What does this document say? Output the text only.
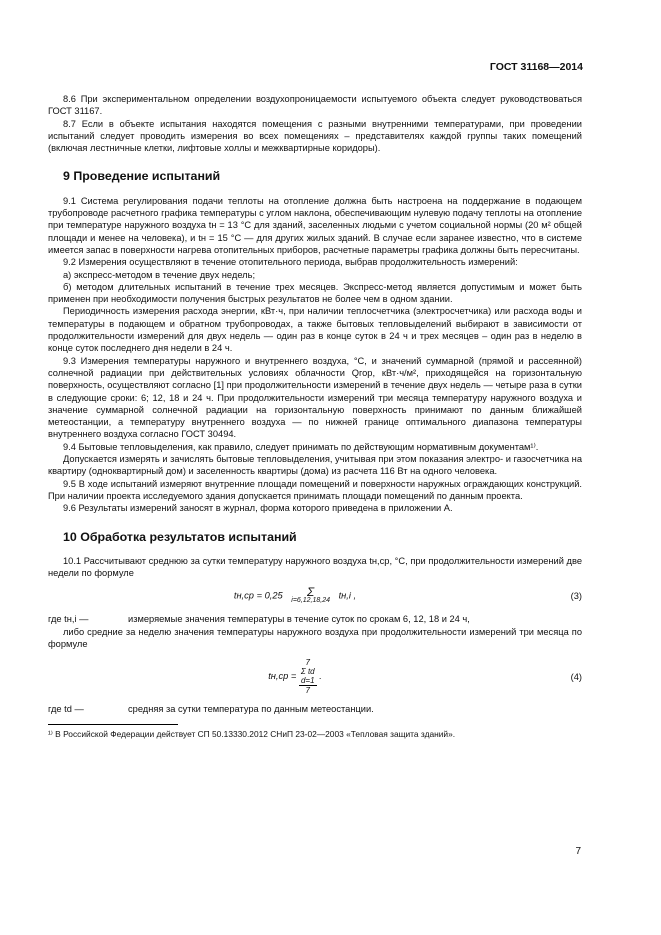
ГОСТ 31168—2014

8.6 При экспериментальном определении воздухопроницаемости испытуемого объекта следует руководствоваться ГОСТ 31167.

8.7 Если в объекте испытания находятся помещения с разными внутренними температурами, при проведении испытаний следует проводить измерения во всех помещениях – представителях каждой группы таких помещений (включая лестничные клетки, лифтовые холлы и межквартирные коридоры).

9 Проведение испытаний

9.1 Система регулирования подачи теплоты на отопление должна быть настроена на поддержание в подающем трубопроводе расчетного графика температуры с углом наклона, обеспечивающим нулевую подачу теплоты на отопление при температуре наружного воздуха tн = 13 °С для зданий, заселенных людьми с учетом социальной нормы (20 м² общей площади и менее на человека), и tн = 15 °С — для других жилых зданий. В случае если заранее известно, что в системе имеется запас в поверхности нагрева отопительных приборов, расчетные параметры графика должны быть пересчитаны.

9.2 Измерения осуществляют в течение отопительного периода, выбрав продолжительность измерений:

а) экспресс-методом в течение двух недель;

б) методом длительных испытаний в течение трех месяцев. Экспресс-метод является допустимым и может быть применен при необходимости получения быстрых результатов не более чем в одном здании.

Периодичность измерения расхода энергии, кВт·ч, при наличии теплосчетчика (электросчетчика) или расхода воды и температуры в подающем и обратном трубопроводах, а также бытовых тепловыделений выбирают в зависимости от продолжительности измерений для двух недель — один раз в конце суток в 24 ч и трех месяцев – один раз в неделю в конце суток последнего дня недели в 24 ч.

9.3 Измерения температуры наружного и внутреннего воздуха, °С, и значений суммарной (прямой и рассеянной) солнечной радиации при действительных условиях облачности Qгор, кВт·ч/м², приходящейся на горизонтальную поверхность, осуществляют согласно [1] при продолжительности измерений в течение двух недель — четыре раза в сутки в следующие сроки: 6; 12, 18 и 24 ч. При продолжительности измерений три месяца температуру наружного воздуха и значение суммарной солнечной радиации на горизонтальную поверхность принимают по данным ближайшей метеостанции, а температуру внутреннего воздуха — по нижней границе оптимального диапазона температуры внутреннего воздуха согласно ГОСТ 30494.

9.4 Бытовые тепловыделения, как правило, следует принимать по действующим нормативным документам¹⁾.

Допускается измерять и зачислять бытовые тепловыделения, учитывая при этом показания электро- и газосчетчика на квартиру (одноквартирный дом) и заселенность квартиры (дома) из расчета 116 Вт на одного человека.

9.5 В ходе испытаний измеряют внутренние площади помещений и поверхности наружных ограждающих конструкций. При наличии проекта исследуемого здания допускается принимать площади помещений по данным проекта.

9.6 Результаты измерений заносят в журнал, форма которого приведена в приложении А.

10 Обработка результатов испытаний

10.1 Рассчитывают среднюю за сутки температуру наружного воздуха tн,ср, °С, при продолжительности измерений две недели по формуле

tн,ср = 0,25 Σ
i=6,12,18,24
tн,i ,	(3)
где tн,i —	измеряемые значения температуры в течение суток по срокам 6, 12, 18 и 24 ч,

либо средние за неделю значения температуры наружного воздуха при продолжительности измерений три месяца по формуле

tн,ср =
7
Σ td
d=1
7 .	(4)
где td —	средняя за сутки температура по данным метеостанции.
¹⁾ В Российской Федерации действует СП 50.13330.2012 СНиП 23-02—2003 «Тепловая защита зданий».
7
